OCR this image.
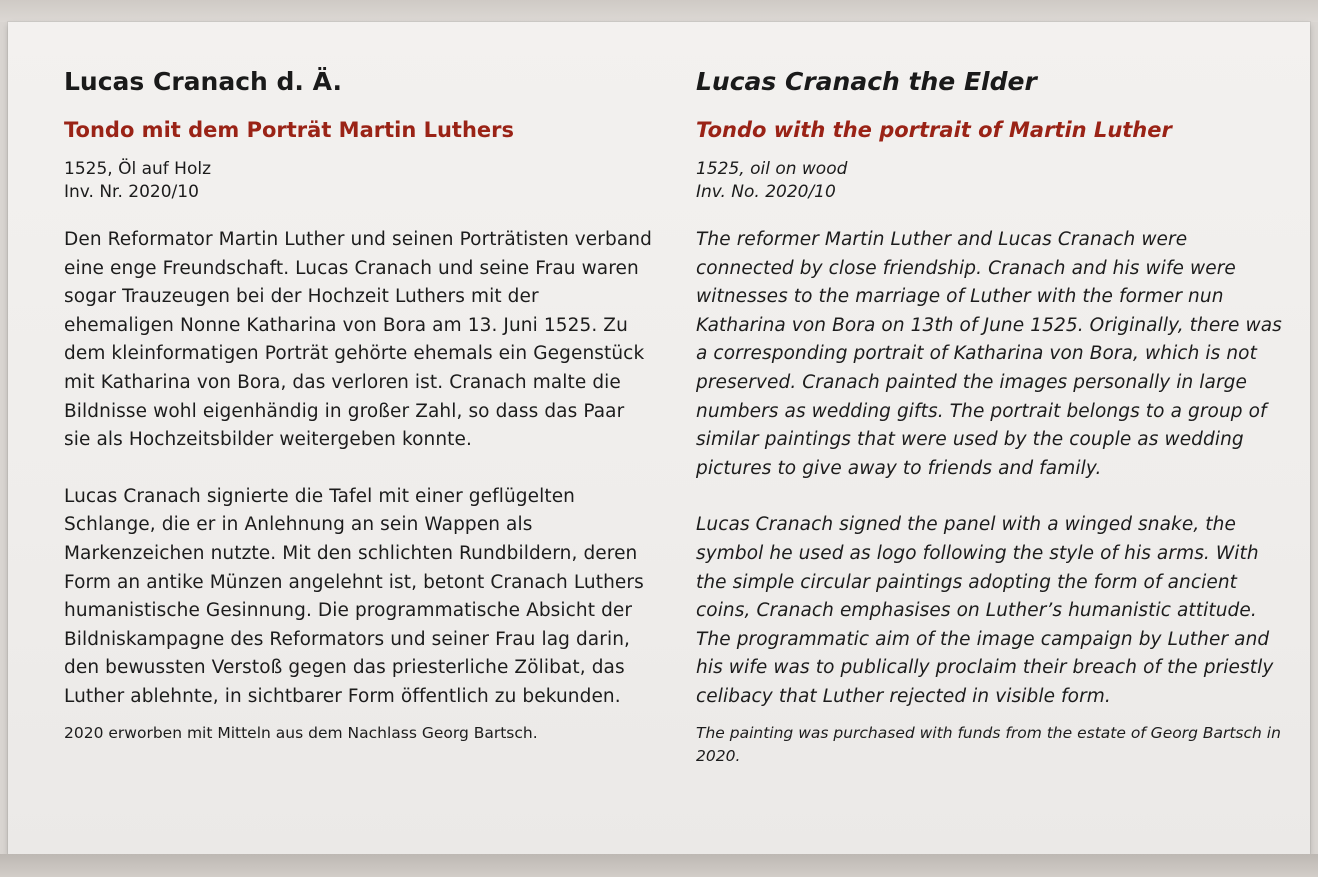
Lucas Cranach d. Ä.
Tondo mit dem Porträt Martin Luthers
1525, Öl auf Holz
Inv. Nr. 2020/10

Den Reformator Martin Luther und seinen Porträtisten verband eine enge Freundschaft. Lucas Cranach und seine Frau waren sogar Trauzeugen bei der Hochzeit Luthers mit der ehemaligen Nonne Katharina von Bora am 13. Juni 1525. Zu dem kleinformatigen Porträt gehörte ehemals ein Gegenstück mit Katharina von Bora, das verloren ist. Cranach malte die Bildnisse wohl eigenhändig in großer Zahl, so dass das Paar sie als Hochzeitsbilder weitergeben konnte.

Lucas Cranach signierte die Tafel mit einer geflügelten Schlange, die er in Anlehnung an sein Wappen als Markenzeichen nutzte. Mit den schlichten Rundbildern, deren Form an antike Münzen angelehnt ist, betont Cranach Luthers humanistische Gesinnung. Die programmatische Absicht der Bildniskampagne des Reformators und seiner Frau lag darin, den bewussten Verstoß gegen das priesterliche Zölibat, das Luther ablehnte, in sichtbarer Form öffentlich zu bekunden.

2020 erworben mit Mitteln aus dem Nachlass Georg Bartsch.

Lucas Cranach the Elder
Tondo with the portrait of Martin Luther
1525, oil on wood
Inv. No. 2020/10

The reformer Martin Luther and Lucas Cranach were connected by close friendship. Cranach and his wife were witnesses to the marriage of Luther with the former nun Katharina von Bora on 13th of June 1525. Originally, there was a corresponding portrait of Katharina von Bora, which is not preserved. Cranach painted the images personally in large numbers as wedding gifts. The portrait belongs to a group of similar paintings that were used by the couple as wedding pictures to give away to friends and family.

Lucas Cranach signed the panel with a winged snake, the symbol he used as logo following the style of his arms. With the simple circular paintings adopting the form of ancient coins, Cranach emphasises on Luther’s humanistic attitude. The programmatic aim of the image campaign by Luther and his wife was to publically proclaim their breach of the priestly celibacy that Luther rejected in visible form.

The painting was purchased with funds from the estate of Georg Bartsch in 2020.
